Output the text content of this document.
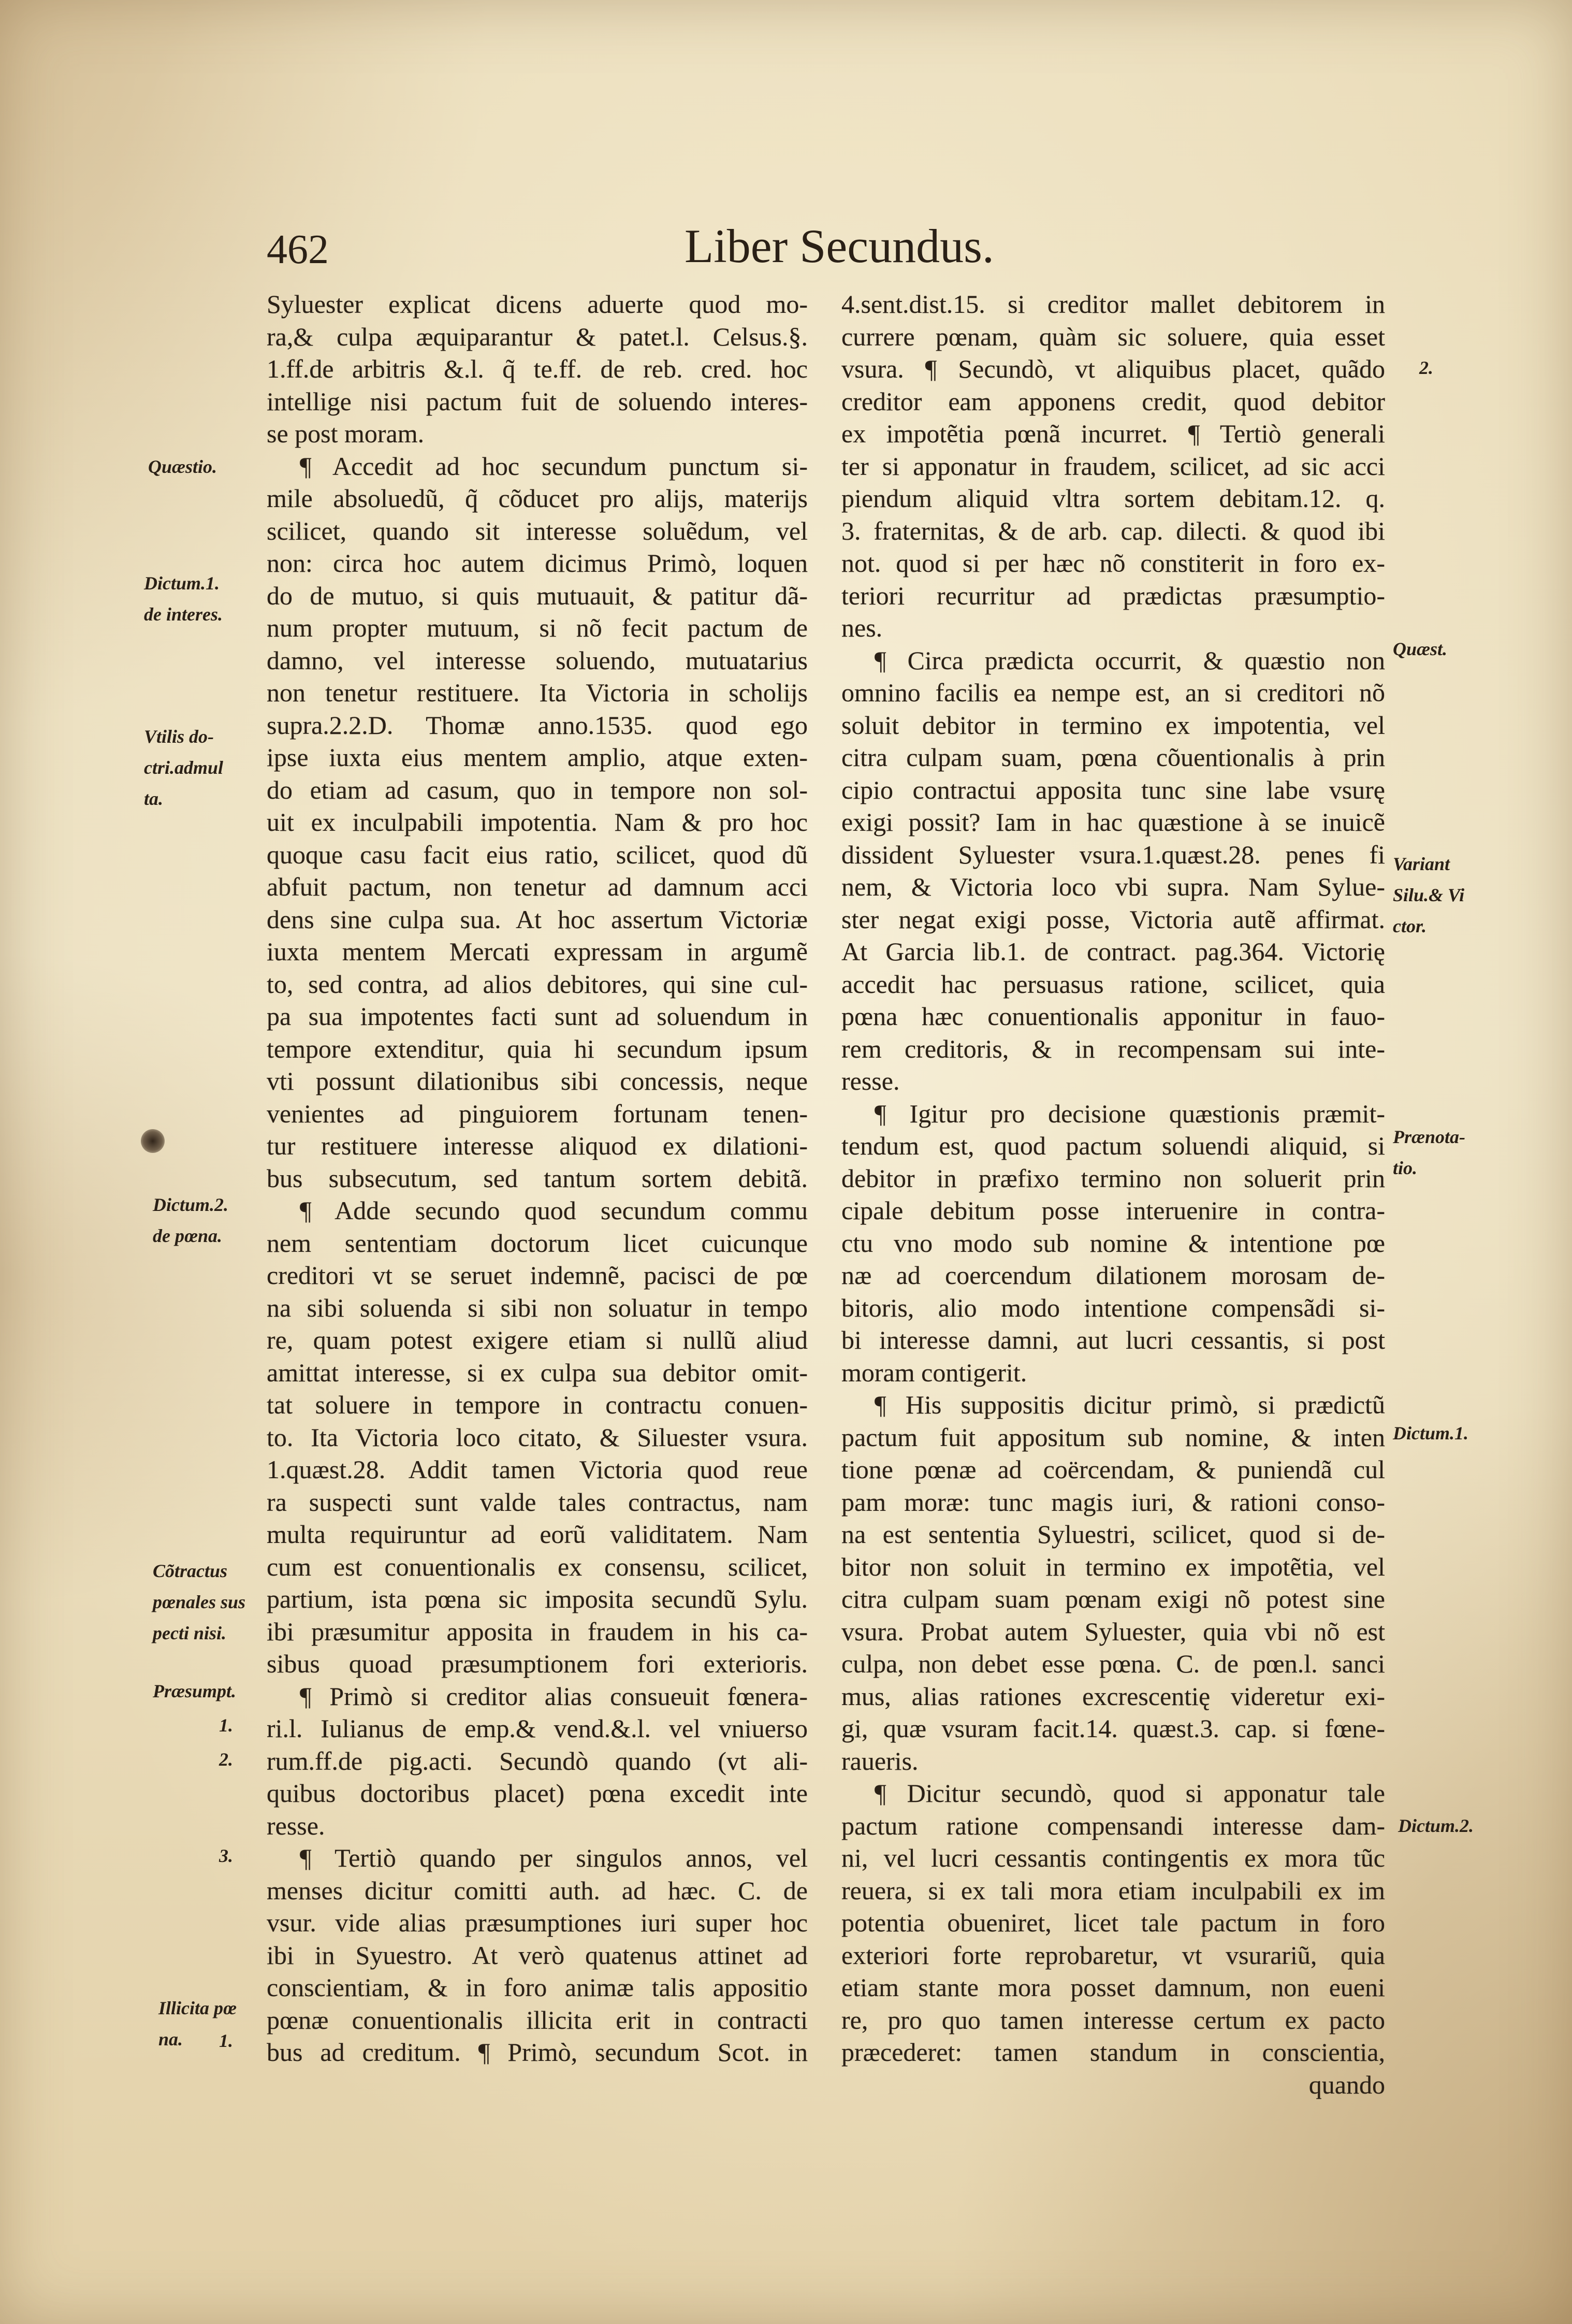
462	Liber Secundus.
Syluester explicat dicens aduerte quod mo-
ra,& culpa æquiparantur & patet.l. Celsus.§.
1.ff.de arbitris &.l. q̃ te.ff. de reb. cred. hoc
intellige nisi pactum fuit de soluendo interes-
se post moram.
¶ Accedit ad hoc secundum punctum si-
mile absoluedũ, q̃ cõducet pro alijs, materijs
scilicet, quando sit interesse soluẽdum, vel
non: circa hoc autem dicimus Primò, loquen
do de mutuo, si quis mutuauit, & patitur dã-
num propter mutuum, si nõ fecit pactum de
damno, vel interesse soluendo, mutuatarius
non tenetur restituere. Ita Victoria in scholijs
supra.2.2.D. Thomæ anno.1535. quod ego
ipse iuxta eius mentem amplio, atque exten-
do etiam ad casum, quo in tempore non sol-
uit ex inculpabili impotentia. Nam & pro hoc
quoque casu facit eius ratio, scilicet, quod dũ
abfuit pactum, non tenetur ad damnum acci
dens sine culpa sua. At hoc assertum Victoriæ
iuxta mentem Mercati expressam in argumẽ
to, sed contra, ad alios debitores, qui sine cul-
pa sua impotentes facti sunt ad soluendum in
tempore extenditur, quia hi secundum ipsum
vti possunt dilationibus sibi concessis, neque
venientes ad pinguiorem fortunam tenen-
tur restituere interesse aliquod ex dilationi-
bus subsecutum, sed tantum sortem debitã.
¶ Adde secundo quod secundum commu
nem sententiam doctorum licet cuicunque
creditori vt se seruet indemnẽ, pacisci de pœ
na sibi soluenda si sibi non soluatur in tempo
re, quam potest exigere etiam si nullũ aliud
amittat interesse, si ex culpa sua debitor omit-
tat soluere in tempore in contractu conuen-
to. Ita Victoria loco citato, & Siluester vsura.
1.quæst.28. Addit tamen Victoria quod reue
ra suspecti sunt valde tales contractus, nam
multa requiruntur ad eorũ validitatem. Nam
cum est conuentionalis ex consensu, scilicet,
partium, ista pœna sic imposita secundũ Sylu.
ibi præsumitur apposita in fraudem in his ca-
sibus quoad præsumptionem fori exterioris.
¶ Primò si creditor alias consueuit fœnera-
ri.l. Iulianus de emp.& vend.&.l. vel vniuerso
rum.ff.de pig.acti. Secundò quando (vt ali-
quibus doctoribus placet) pœna excedit inte
resse.
¶ Tertiò quando per singulos annos, vel
menses dicitur comitti auth. ad hæc. C. de
vsur. vide alias præsumptiones iuri super hoc
ibi in Syuestro. At verò quatenus attinet ad
conscientiam, & in foro animæ talis appositio
pœnæ conuentionalis illicita erit in contracti
bus ad creditum. ¶ Primò, secundum Scot. in
4.sent.dist.15. si creditor mallet debitorem in
currere pœnam, quàm sic soluere, quia esset
vsura. ¶ Secundò, vt aliquibus placet, quãdo
creditor eam apponens credit, quod debitor
ex impotẽtia pœnã incurret. ¶ Tertiò generali
ter si apponatur in fraudem, scilicet, ad sic acci
piendum aliquid vltra sortem debitam.12. q.
3. fraternitas, & de arb. cap. dilecti. & quod ibi
not. quod si per hæc nõ constiterit in foro ex-
teriori recurritur ad prædictas præsumptio-
nes.
¶ Circa prædicta occurrit, & quæstio non
omnino facilis ea nempe est, an si creditori nõ
soluit debitor in termino ex impotentia, vel
citra culpam suam, pœna cõuentionalis à prin
cipio contractui apposita tunc sine labe vsurę
exigi possit? Iam in hac quæstione à se inuicẽ
dissident Syluester vsura.1.quæst.28. penes fi
nem, & Victoria loco vbi supra. Nam Sylue-
ster negat exigi posse, Victoria autẽ affirmat.
At Garcia lib.1. de contract. pag.364. Victorię
accedit hac persuasus ratione, scilicet, quia
pœna hæc conuentionalis apponitur in fauo-
rem creditoris, & in recompensam sui inte-
resse.
¶ Igitur pro decisione quæstionis præmit-
tendum est, quod pactum soluendi aliquid, si
debitor in præfixo termino non soluerit prin
cipale debitum posse interuenire in contra-
ctu vno modo sub nomine & intentione pœ
næ ad coercendum dilationem morosam de-
bitoris, alio modo intentione compensãdi si-
bi interesse damni, aut lucri cessantis, si post
moram contigerit.
¶ His suppositis dicitur primò, si prædictũ
pactum fuit appositum sub nomine, & inten
tione pœnæ ad coërcendam, & puniendã cul
pam moræ: tunc magis iuri, & rationi conso-
na est sententia Syluestri, scilicet, quod si de-
bitor non soluit in termino ex impotẽtia, vel
citra culpam suam pœnam exigi nõ potest sine
vsura. Probat autem Syluester, quia vbi nõ est
culpa, non debet esse pœna. C. de pœn.l. sanci
mus, alias rationes excrescentię videretur exi-
gi, quæ vsuram facit.14. quæst.3. cap. si fœne-
raueris.
¶ Dicitur secundò, quod si apponatur tale
pactum ratione compensandi interesse dam-
ni, vel lucri cessantis contingentis ex mora tũc
reuera, si ex tali mora etiam inculpabili ex im
potentia obueniret, licet tale pactum in foro
exteriori forte reprobaretur, vt vsurariũ, quia
etiam stante mora posset damnum, non eueni
re, pro quo tamen interesse certum ex pacto
præcederet: tamen standum in conscientia,
quando
Quæstio.
Dictum.1.
de interes.
Vtilis do-
ctri.admul
ta.
Dictum.2.
de pœna.
Cõtractus
pœnales sus
pecti nisi.
Præsumpt.
1.
2.
3.
Illicita pœ
na.	1.
2.
Quæst.
Variant
Silu.& Vi
ctor.
Prænota-
tio.
Dictum.1.
Dictum.2.
